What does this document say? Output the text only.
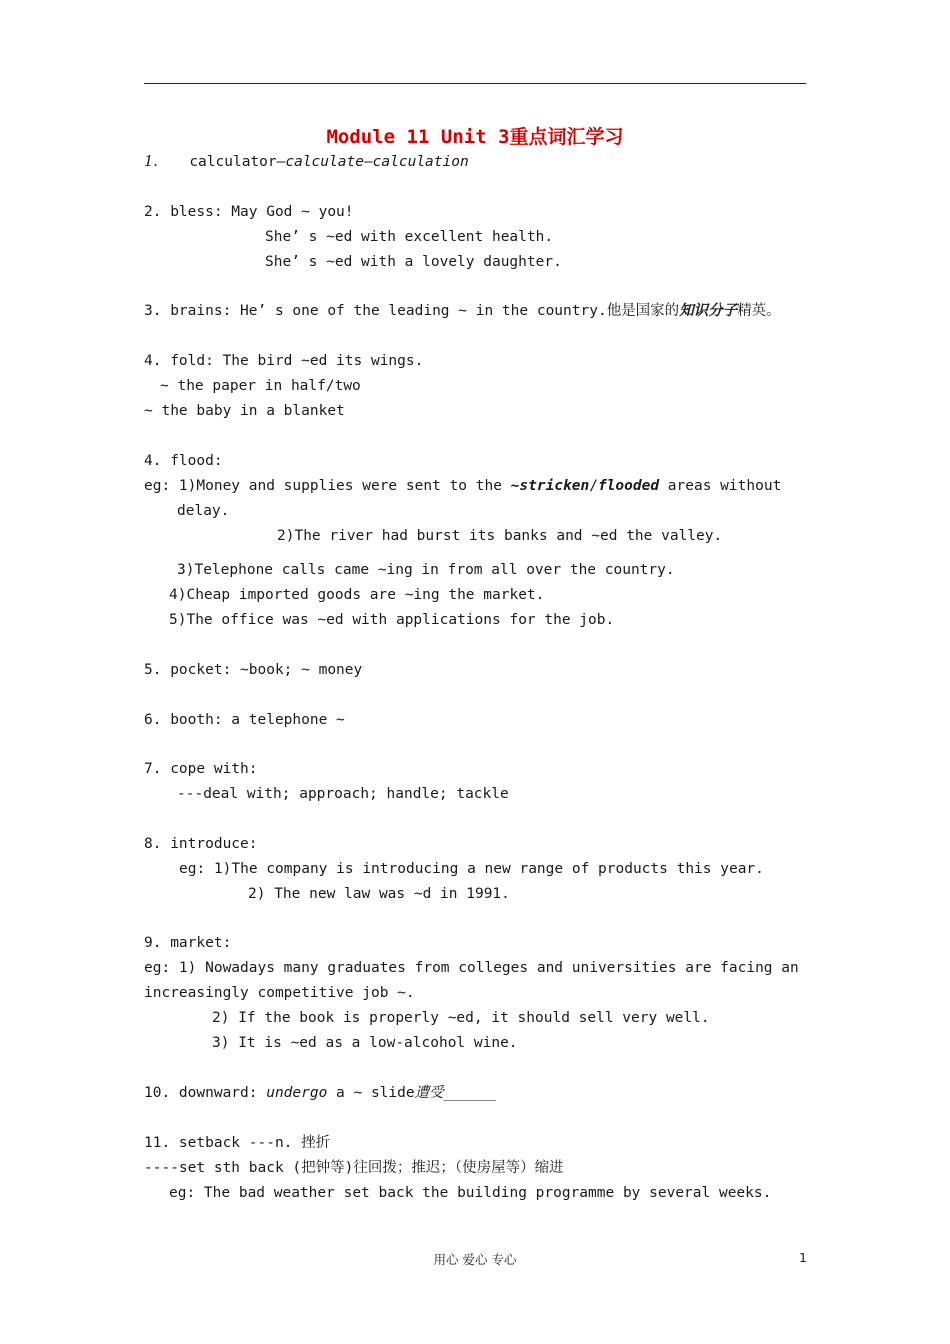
Module 11 Unit 3重点词汇学习
1. calculator—calculate—calculation
2. bless: May God ~ you!
She’ s ~ed with excellent health.
She’ s ~ed with a lovely daughter.
3. brains: He’ s one of the leading ~ in the country.他是国家的知识分子精英。
4. fold: The bird ~ed its wings.
~ the paper in half/two
~ the baby in a blanket
4. flood:
eg: 1)Money and supplies were sent to the ~stricken/flooded areas without
delay.
2)The river had burst its banks and ~ed the valley.
3)Telephone calls came ~ing in from all over the country.
4)Cheap imported goods are ~ing the market.
5)The office was ~ed with applications for the job.
5. pocket: ~book; ~ money
6. booth: a telephone ~
7. cope with:
---deal with; approach; handle; tackle
8. introduce:
eg: 1)The company is introducing a new range of products this year.
2) The new law was ~d in 1991.
9. market:
eg: 1) Nowadays many graduates from colleges and universities are facing an
increasingly competitive job ~.
2) If the book is properly ~ed, it should sell very well.
3) It is ~ed as a low-alcohol wine.
10. downward: undergo a ~ slide遭受______
11. setback ---n. 挫折
----set sth back (把钟等)往回拨；推迟；（使房屋等）缩进
eg: The bad weather set back the building programme by several weeks.
用心 爱心 专心	1
